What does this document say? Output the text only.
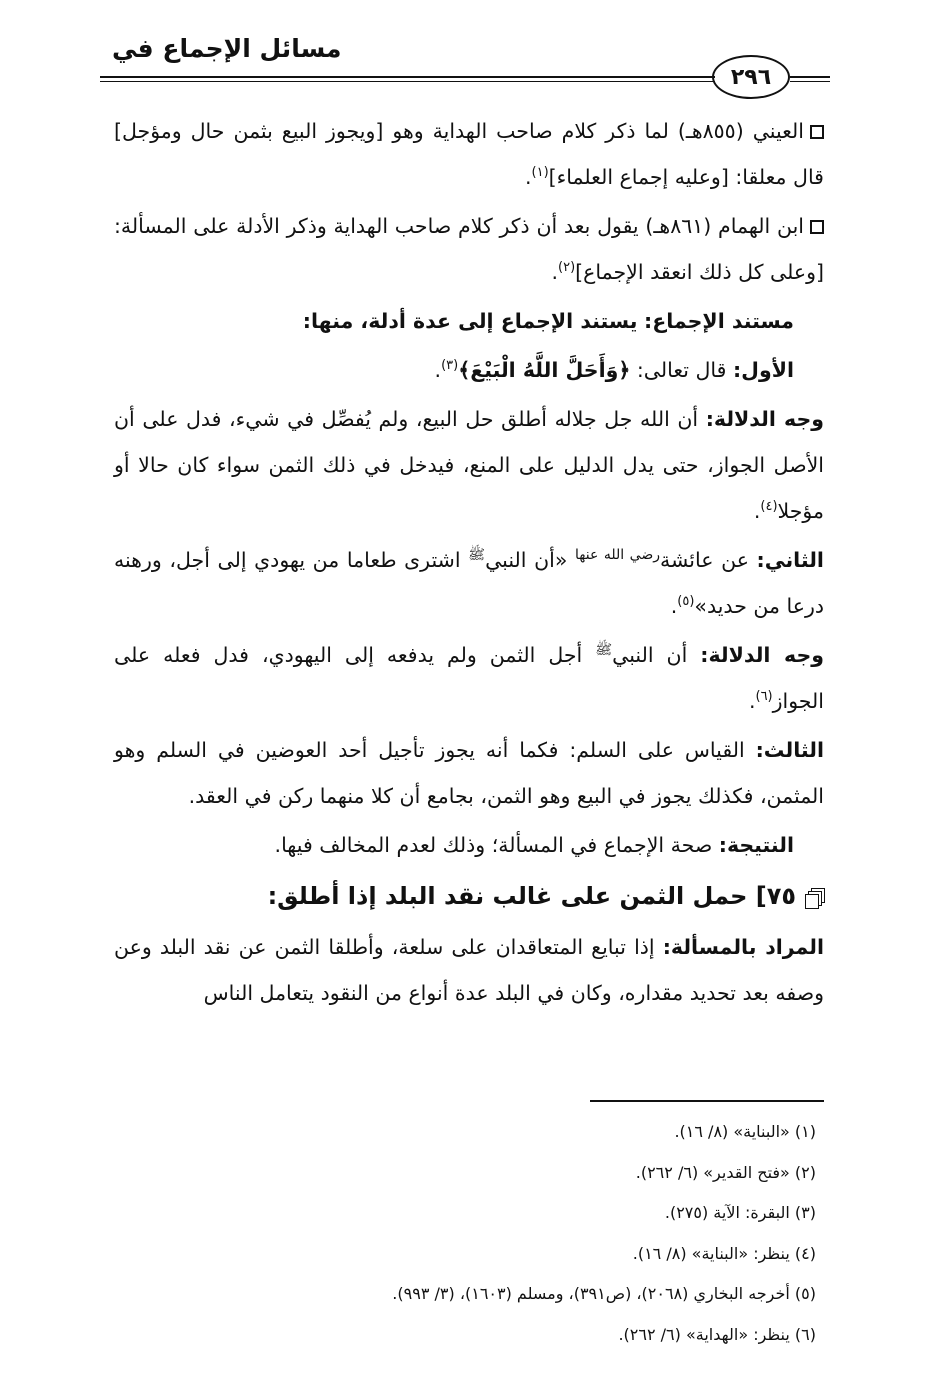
مسائل الإجماع في
٢٩٦

العيني (٨٥٥هـ) لما ذكر كلام صاحب الهداية وهو [ويجوز البيع بثمن حال ومؤجل] قال معلقا: [وعليه إجماع العلماء]$^{(١)}$.

ابن الهمام (٨٦١هـ) يقول بعد أن ذكر كلام صاحب الهداية وذكر الأدلة على المسألة: [وعلى كل ذلك انعقد الإجماع]$^{(٢)}$.

مستند الإجماع: يستند الإجماع إلى عدة أدلة، منها:

الأول: قال تعالى: ﴿وَأَحَلَّ اللَّهُ الْبَيْعَ﴾$^{(٣)}$.

وجه الدلالة: أن الله جل جلاله أطلق حل البيع، ولم يُفصِّل في شيء، فدل على أن الأصل الجواز، حتى يدل الدليل على المنع، فيدخل في ذلك الثمن سواء كان حالا أو مؤجلا$^{(٤)}$.

الثاني: عن عائشة$^{رضي الله عنها}$ «أن النبي$^ﷺ$ اشترى طعاما من يهودي إلى أجل، ورهنه درعا من حديد»$^{(٥)}$.

وجه الدلالة: أن النبي$^ﷺ$ أجل الثمن ولم يدفعه إلى اليهودي، فدل فعله على الجواز$^{(٦)}$.

الثالث: القياس على السلم: فكما أنه يجوز تأجيل أحد العوضين في السلم وهو المثمن، فكذلك يجوز في البيع وهو الثمن، بجامع أن كلا منهما ركن في العقد.

النتيجة: صحة الإجماع في المسألة؛ وذلك لعدم المخالف فيها.

٧٥] حمل الثمن على غالب نقد البلد إذا أطلق:

المراد بالمسألة: إذا تبايع المتعاقدان على سلعة، وأطلقا الثمن عن نقد البلد وعن وصفه بعد تحديد مقداره، وكان في البلد عدة أنواع من النقود يتعامل الناس

(١) «البناية» (٨/ ١٦).
(٢) «فتح القدير» (٦/ ٢٦٢).
(٣) البقرة: الآية (٢٧٥).
(٤) ينظر: «البناية» (٨/ ١٦).
(٥) أخرجه البخاري (٢٠٦٨)، (ص٣٩١)، ومسلم (١٦٠٣)، (٣/ ٩٩٣).
(٦) ينظر: «الهداية» (٦/ ٢٦٢).
